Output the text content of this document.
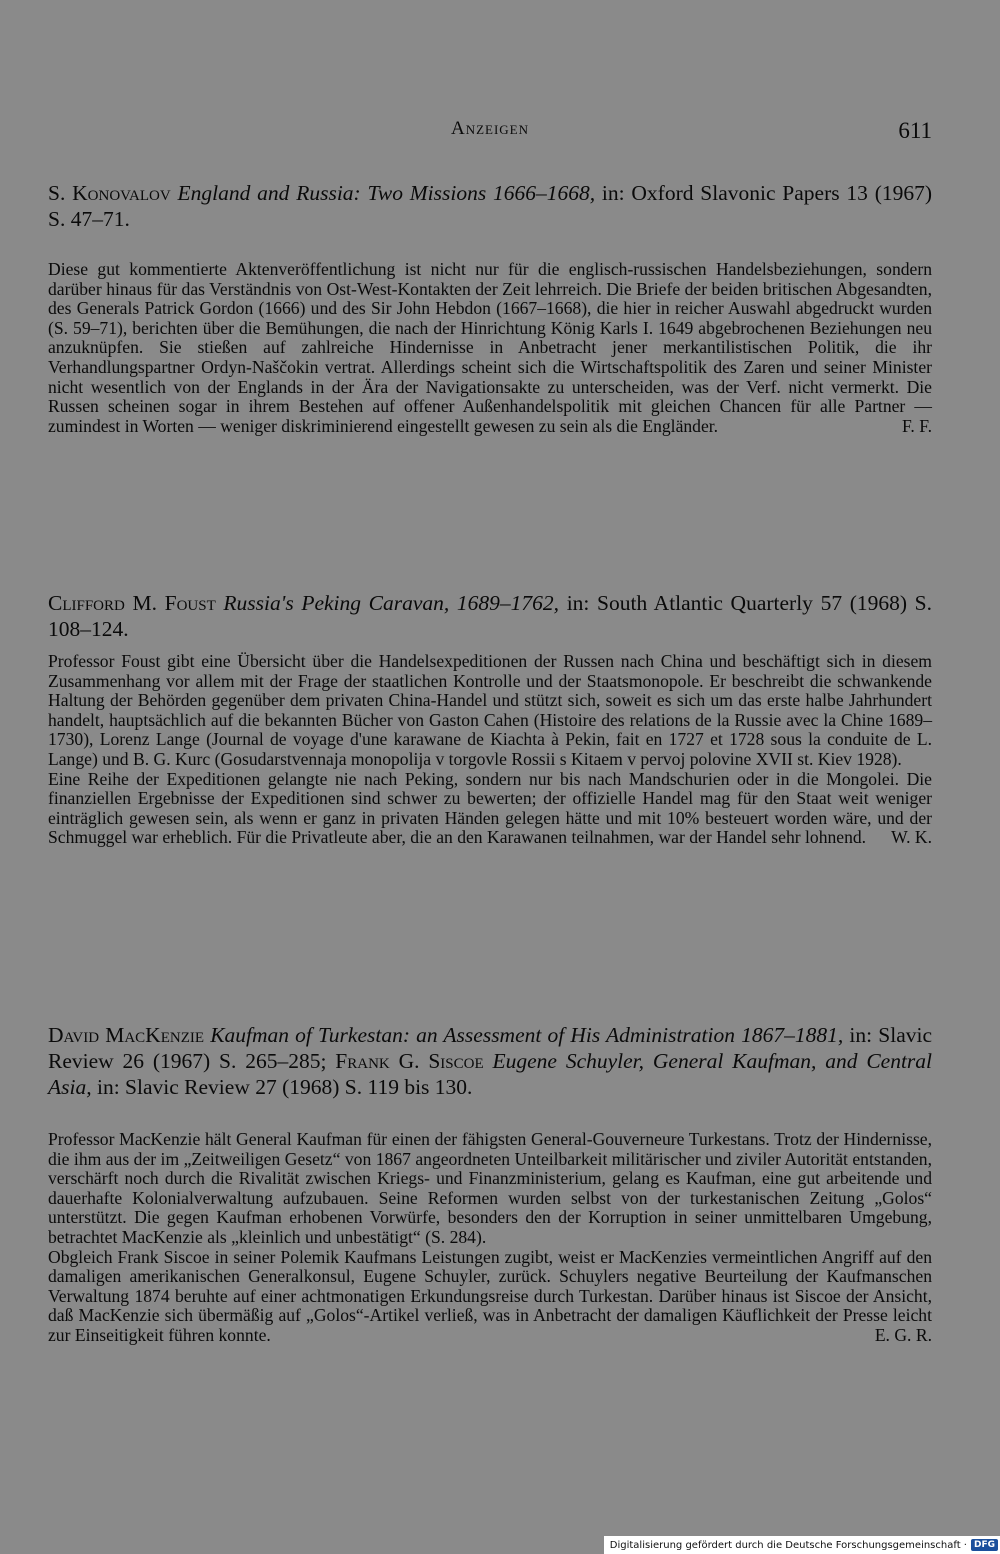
Anzeigen	611

S. Konovalov England and Russia: Two Missions 1666–1668, in: Oxford Slavonic Papers 13 (1967) S. 47–71.

Diese gut kommentierte Aktenveröffentlichung ist nicht nur für die englisch-russischen Handelsbeziehungen, sondern darüber hinaus für das Verständnis von Ost-West-Kontakten der Zeit lehrreich. Die Briefe der beiden britischen Abgesandten, des Generals Patrick Gordon (1666) und des Sir John Hebdon (1667–1668), die hier in reicher Auswahl abgedruckt wurden (S. 59–71), berichten über die Bemühungen, die nach der Hinrichtung König Karls I. 1649 abgebrochenen Beziehungen neu anzuknüpfen. Sie stießen auf zahlreiche Hindernisse in Anbetracht jener merkantilistischen Politik, die ihr Verhandlungspartner Ordyn-Naščokin vertrat. Allerdings scheint sich die Wirtschaftspolitik des Zaren und seiner Minister nicht wesentlich von der Englands in der Ära der Navigationsakte zu unterscheiden, was der Verf. nicht vermerkt. Die Russen scheinen sogar in ihrem Bestehen auf offener Außenhandelspolitik mit gleichen Chancen für alle Partner — zumindest in Worten — weniger diskriminierend eingestellt gewesen zu sein als die Engländer.	F. F.

Clifford M. Foust Russia's Peking Caravan, 1689–1762, in: South Atlantic Quarterly 57 (1968) S. 108–124.

Professor Foust gibt eine Übersicht über die Handelsexpeditionen der Russen nach China und beschäftigt sich in diesem Zusammenhang vor allem mit der Frage der staatlichen Kontrolle und der Staatsmonopole. Er beschreibt die schwankende Haltung der Behörden gegenüber dem privaten China-Handel und stützt sich, soweit es sich um das erste halbe Jahrhundert handelt, hauptsächlich auf die bekannten Bücher von Gaston Cahen (Histoire des relations de la Russie avec la Chine 1689–1730), Lorenz Lange (Journal de voyage d'une karawane de Kiachta à Pekin, fait en 1727 et 1728 sous la conduite de L. Lange) und B. G. Kurc (Gosudarstvennaja monopolija v torgovle Rossii s Kitaem v pervoj polovine XVII st. Kiev 1928).

Eine Reihe der Expeditionen gelangte nie nach Peking, sondern nur bis nach Mandschurien oder in die Mongolei. Die finanziellen Ergebnisse der Expeditionen sind schwer zu bewerten; der offizielle Handel mag für den Staat weit weniger einträglich gewesen sein, als wenn er ganz in privaten Händen gelegen hätte und mit 10% besteuert worden wäre, und der Schmuggel war erheblich. Für die Privatleute aber, die an den Karawanen teilnahmen, war der Handel sehr lohnend. W. K.

David MacKenzie Kaufman of Turkestan: an Assessment of His Administration 1867–1881, in: Slavic Review 26 (1967) S. 265–285; Frank G. Siscoe Eugene Schuyler, General Kaufman, and Central Asia, in: Slavic Review 27 (1968) S. 119 bis 130.

Professor MacKenzie hält General Kaufman für einen der fähigsten General-Gouverneure Turkestans. Trotz der Hindernisse, die ihm aus der im „Zeitweiligen Gesetz“ von 1867 angeordneten Unteilbarkeit militärischer und ziviler Autorität entstanden, verschärft noch durch die Rivalität zwischen Kriegs- und Finanzministerium, gelang es Kaufman, eine gut arbeitende und dauerhafte Kolonialverwaltung aufzubauen. Seine Reformen wurden selbst von der turkestanischen Zeitung „Golos“ unterstützt. Die gegen Kaufman erhobenen Vorwürfe, besonders den der Korruption in seiner unmittelbaren Umgebung, betrachtet MacKenzie als „kleinlich und unbestätigt“ (S. 284).

Obgleich Frank Siscoe in seiner Polemik Kaufmans Leistungen zugibt, weist er MacKenzies vermeintlichen Angriff auf den damaligen amerikanischen Generalkonsul, Eugene Schuyler, zurück. Schuylers negative Beurteilung der Kaufmanschen Verwaltung 1874 beruhte auf einer achtmonatigen Erkundungsreise durch Turkestan. Darüber hinaus ist Siscoe der Ansicht, daß MacKenzie sich übermäßig auf „Golos“-Artikel verließ, was in Anbetracht der damaligen Käuflichkeit der Presse leicht zur Einseitigkeit führen konnte.	E. G. R.

Digitalisierung gefördert durch die Deutsche Forschungsgemeinschaft · DFG
